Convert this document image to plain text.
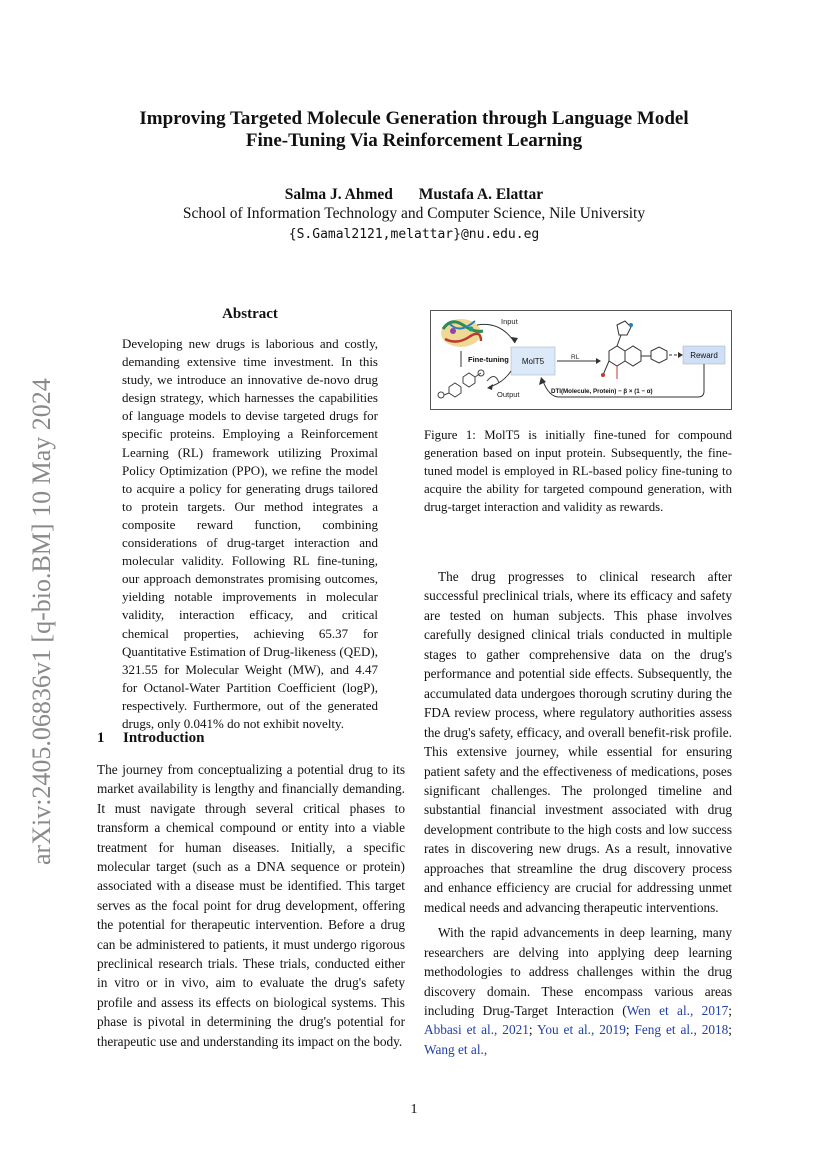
arXiv:2405.06836v1 [q-bio.BM] 10 May 2024
Improving Targeted Molecule Generation through Language Model
Fine-Tuning Via Reinforcement Learning
Salma J. Ahmed Mustafa A. Elattar
School of Information Technology and Computer Science, Nile University
{S.Gamal2121,melattar}@nu.edu.eg
Abstract
Developing new drugs is laborious and costly, demanding extensive time investment. In this study, we introduce an innovative de-novo drug design strategy, which harnesses the capabilities of language models to devise targeted drugs for specific proteins. Employing a Reinforcement Learning (RL) framework utilizing Proximal Policy Optimization (PPO), we refine the model to acquire a policy for generating drugs tailored to protein targets. Our method integrates a composite reward function, combining considerations of drug-target interaction and molecular validity. Following RL fine-tuning, our approach demonstrates promising outcomes, yielding notable improvements in molecular validity, interaction efficacy, and critical chemical properties, achieving 65.37 for Quantitative Estimation of Drug-likeness (QED), 321.55 for Molecular Weight (MW), and 4.47 for Octanol-Water Partition Coefficient (logP), respectively. Furthermore, out of the generated drugs, only 0.041% do not exhibit novelty.
1 Introduction

The journey from conceptualizing a potential drug to its market availability is lengthy and financially demanding. It must navigate through several critical phases to transform a chemical compound or entity into a viable treatment for human diseases. Initially, a specific molecular target (such as a DNA sequence or protein) associated with a disease must be identified. This target serves as the focal point for drug development, offering the potential for therapeutic intervention. Before a drug can be administered to patients, it must undergo rigorous preclinical research trials. These trials, conducted either in vitro or in vivo, aim to evaluate the drug's safety profile and assess its effects on biological systems. This phase is pivotal in determining the drug's potential for therapeutic use and understanding its impact on the body.

Input
Fine-tuning MolT5	RL	Reward
DTI(Molecule, Protein) − β × (1 − α)
Output
Figure 1: MolT5 is initially fine-tuned for compound generation based on input protein. Subsequently, the fine-tuned model is employed in RL-based policy fine-tuning to acquire the ability for targeted compound generation, with drug-target interaction and validity as rewards.

The drug progresses to clinical research after successful preclinical trials, where its efficacy and safety are tested on human subjects. This phase involves carefully designed clinical trials conducted in multiple stages to gather comprehensive data on the drug's performance and potential side effects. Subsequently, the accumulated data undergoes thorough scrutiny during the FDA review process, where regulatory authorities assess the drug's safety, efficacy, and overall benefit-risk profile. This extensive journey, while essential for ensuring patient safety and the effectiveness of medications, poses significant challenges. The prolonged timeline and substantial financial investment associated with drug development contribute to the high costs and low success rates in discovering new drugs. As a result, innovative approaches that streamline the drug discovery process and enhance efficiency are crucial for addressing unmet medical needs and advancing therapeutic interventions.

With the rapid advancements in deep learning, many researchers are delving into applying deep learning methodologies to address challenges within the drug discovery domain. These encompass various areas including Drug-Target Interaction (Wen et al., 2017; Abbasi et al., 2021; You et al., 2019; Feng et al., 2018; Wang et al.,

1
